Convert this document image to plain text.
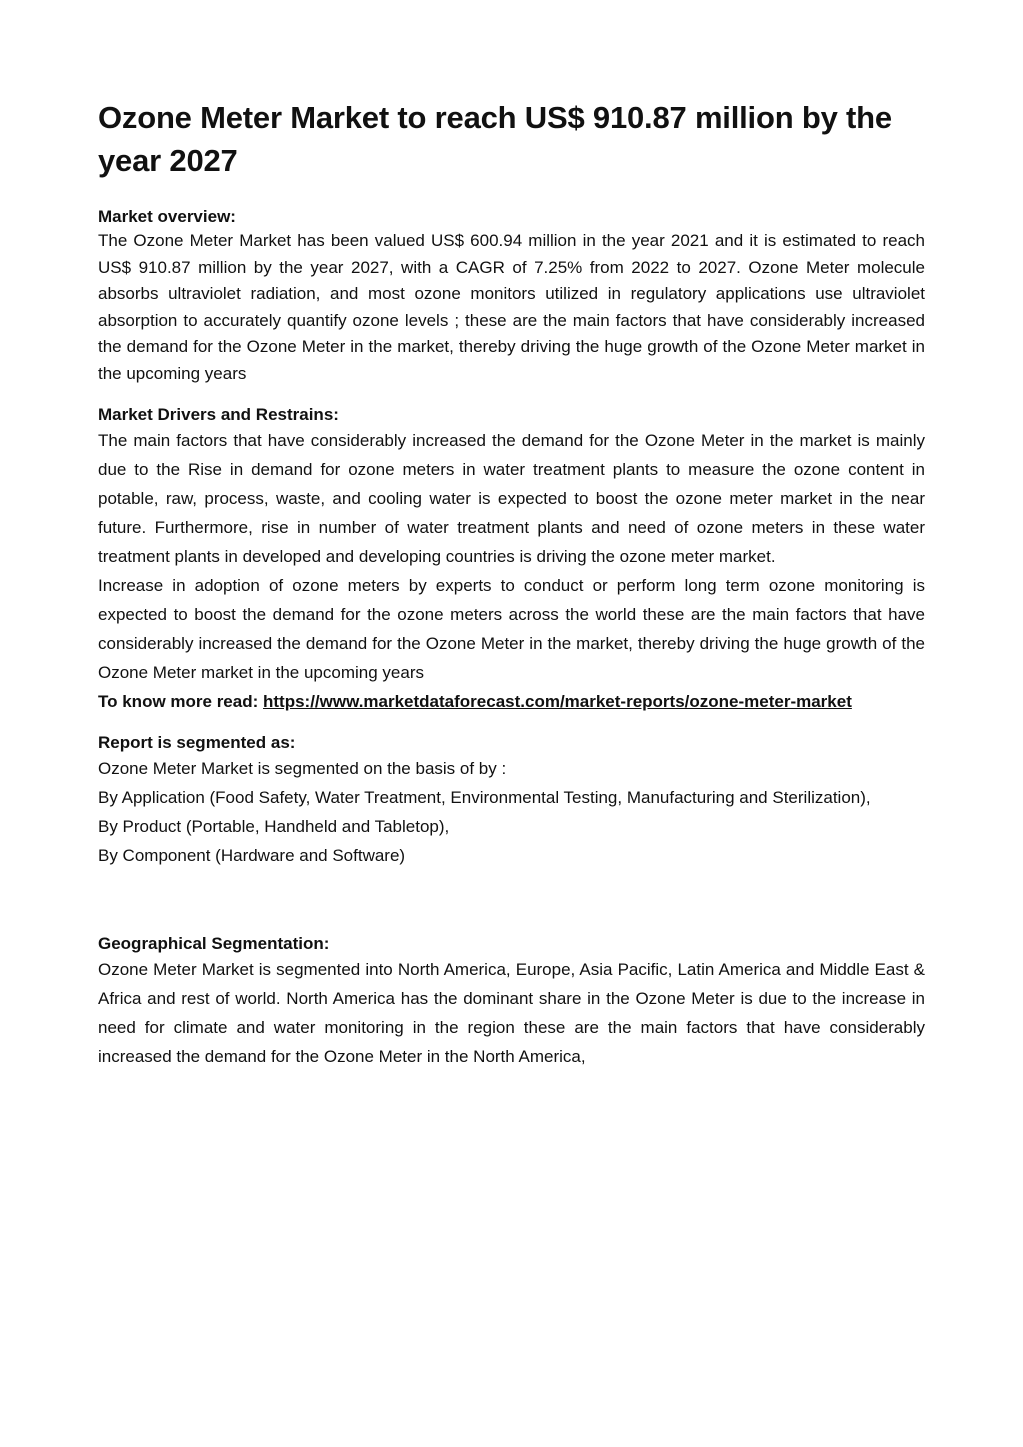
Ozone Meter Market to reach US$ 910.87 million by the year 2027
Market overview:

The Ozone Meter Market has been valued US$ 600.94 million in the year 2021 and it is estimated to reach US$ 910.87 million by the year 2027, with a CAGR of 7.25% from 2022 to 2027. Ozone Meter molecule absorbs ultraviolet radiation, and most ozone monitors utilized in regulatory applications use ultraviolet absorption to accurately quantify ozone levels ; these are the main factors that have considerably increased the demand for the Ozone Meter in the market, thereby driving the huge growth of the Ozone Meter market in the upcoming years

Market Drivers and Restrains:

The main factors that have considerably increased the demand for the Ozone Meter in the market is mainly due to the Rise in demand for ozone meters in water treatment plants to measure the ozone content in potable, raw, process, waste, and cooling water is expected to boost the ozone meter market in the near future. Furthermore, rise in number of water treatment plants and need of ozone meters in these water treatment plants in developed and developing countries is driving the ozone meter market.

Increase in adoption of ozone meters by experts to conduct or perform long term ozone monitoring is expected to boost the demand for the ozone meters across the world these are the main factors that have considerably increased the demand for the Ozone Meter in the market, thereby driving the huge growth of the Ozone Meter market in the upcoming years

To know more read: https://www.marketdataforecast.com/market-reports/ozone-meter-market

Report is segmented as:

Ozone Meter Market is segmented on the basis of by :

By Application (Food Safety, Water Treatment, Environmental Testing, Manufacturing and Sterilization),

By Product (Portable, Handheld and Tabletop),

By Component (Hardware and Software)

Geographical Segmentation:

Ozone Meter Market is segmented into North America, Europe, Asia Pacific, Latin America and Middle East & Africa and rest of world. North America has the dominant share in the Ozone Meter is due to the increase in need for climate and water monitoring in the region these are the main factors that have considerably increased the demand for the Ozone Meter in the North America,
